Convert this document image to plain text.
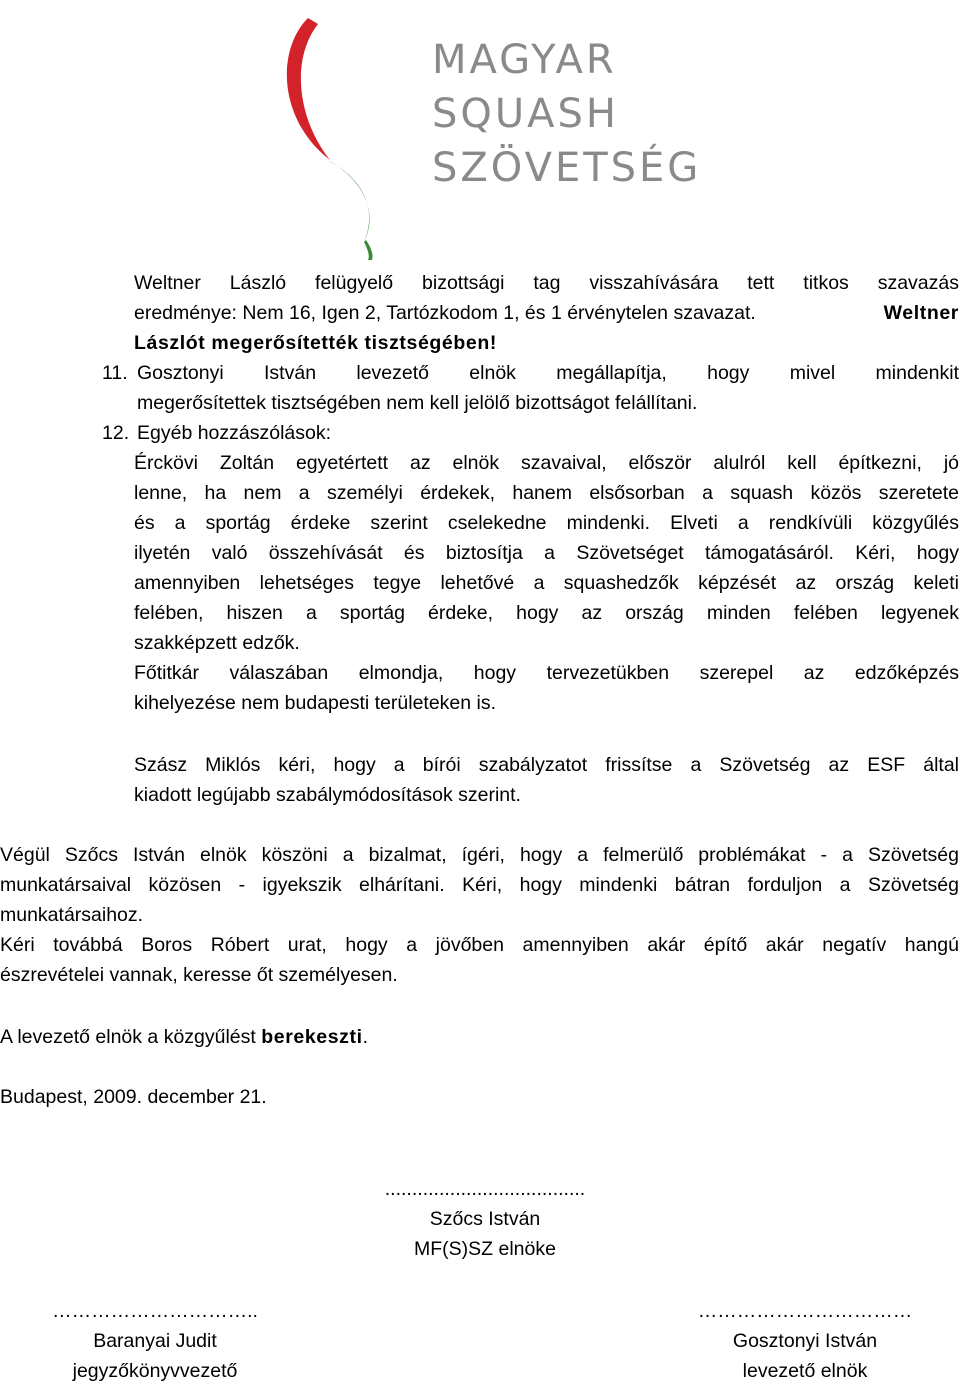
MAGYAR
SQUASH
SZÖVETSÉG
Weltner László felügyelő bizottsági tag visszahívására tett titkos szavazás
eredménye: Nem 16, Igen 2, Tartózkodom 1, és 1 érvénytelen szavazat.	Weltner
Lászlót megerősítették tisztségében!
11. Gosztonyi István levezető elnök megállapítja, hogy mivel mindenkit
megerősítettek tisztségében nem kell jelölő bizottságot felállítani.
12. Egyéb hozzászólások:
Érckövi Zoltán egyetértett az elnök szavaival, először alulról kell építkezni, jó
lenne, ha nem a személyi érdekek, hanem elsősorban a squash közös szeretete
és a sportág érdeke szerint cselekedne mindenki. Elveti a rendkívüli közgyűlés
ilyetén való összehívását és biztosítja a Szövetséget támogatásáról. Kéri, hogy
amennyiben lehetséges tegye lehetővé a squashedzők képzését az ország keleti
felében, hiszen a sportág érdeke, hogy az ország minden felében legyenek
szakképzett edzők.
Főtitkár válaszában elmondja, hogy tervezetükben szerepel az edzőképzés
kihelyezése nem budapesti területeken is.
Szász Miklós kéri, hogy a bírói szabályzatot frissítse a Szövetség az ESF által
kiadott legújabb szabálymódosítások szerint.
Végül Szőcs István elnök köszöni a bizalmat, ígéri, hogy a felmerülő problémákat - a Szövetség
munkatársaival közösen - igyekszik elhárítani. Kéri, hogy mindenki bátran forduljon a Szövetség
munkatársaihoz.
Kéri továbbá Boros Róbert urat, hogy a jövőben amennyiben akár építő akár negatív hangú
észrevételei vannak, keresse őt személyesen.
A levezető elnök a közgyűlést berekeszti.
Budapest, 2009. december 21.
.....................................
Szőcs István
MF(S)SZ elnöke
…………………………..
Baranyai Judit
jegyzőkönyvvezető
……………………………
Gosztonyi István
levezető elnök
